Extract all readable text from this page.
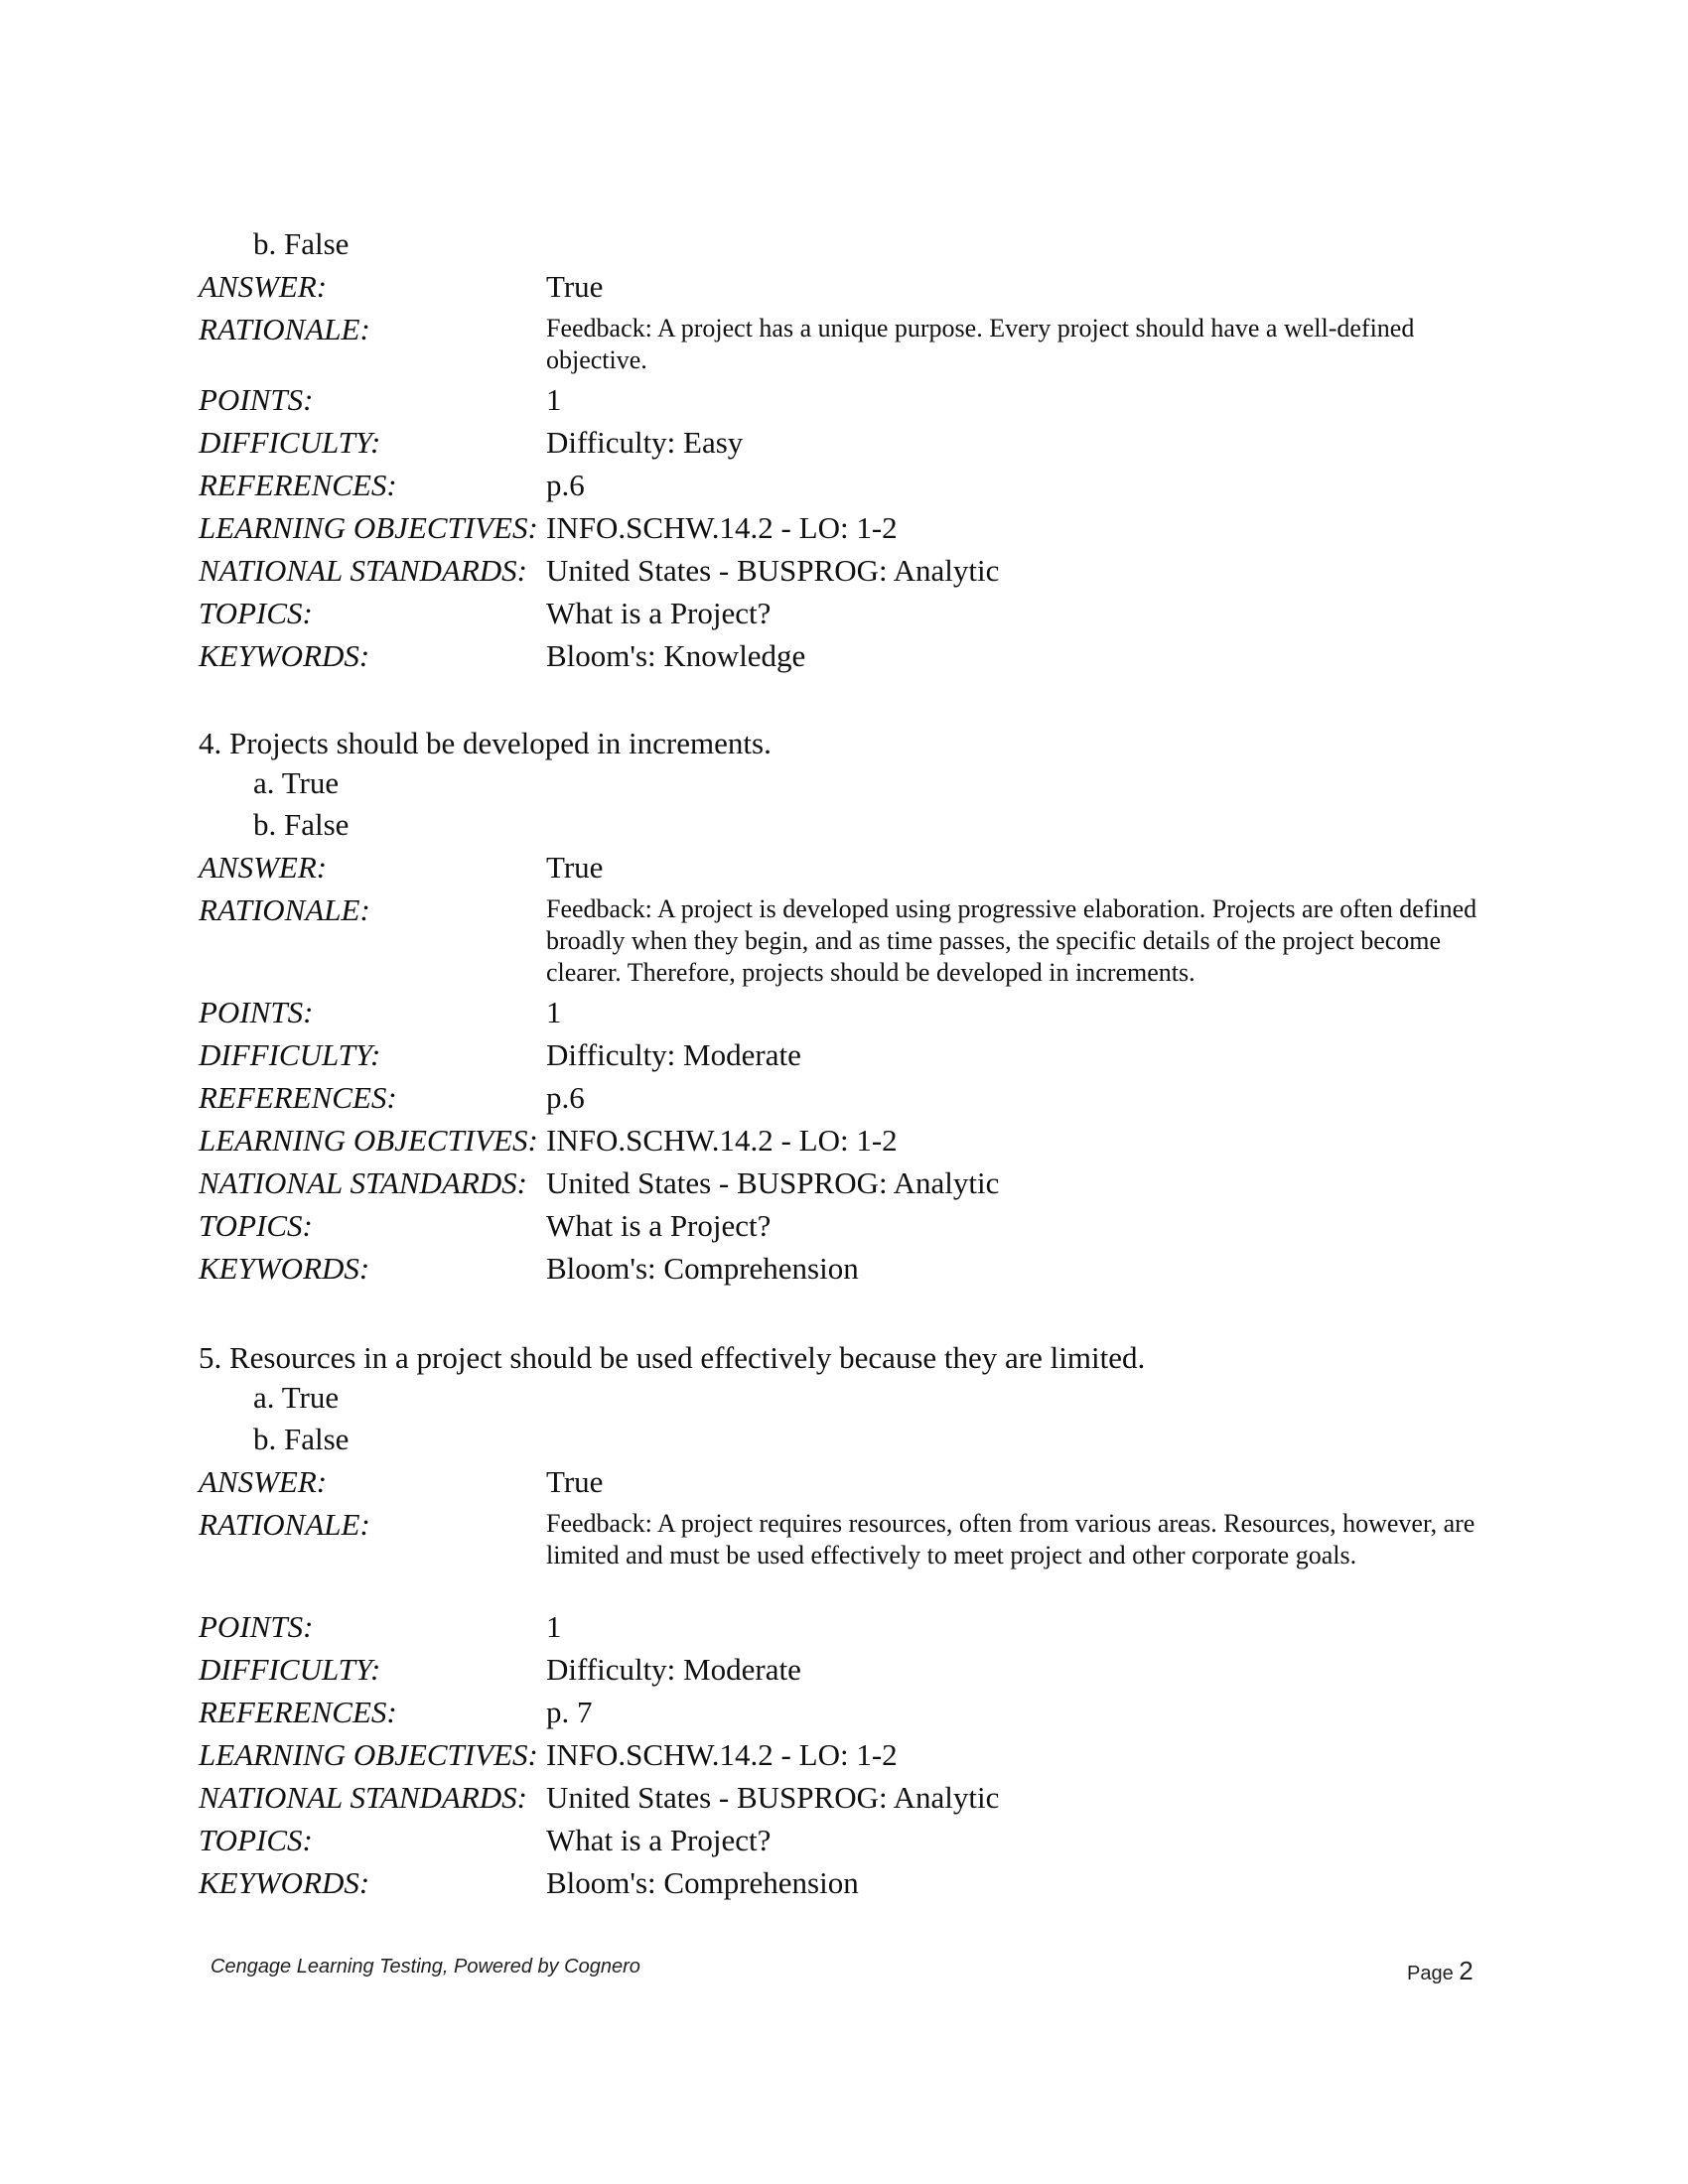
b. False
ANSWER:	True
RATIONALE:	Feedback: A project has a unique purpose. Every project should have a well-defined objective.
POINTS:	1
DIFFICULTY:	Difficulty: Easy
REFERENCES:	p.6
LEARNING OBJECTIVES: INFO.SCHW.14.2 - LO: 1-2
NATIONAL STANDARDS: United States - BUSPROG: Analytic
TOPICS:	What is a Project?
KEYWORDS:	Bloom's: Knowledge
4. Projects should be developed in increments.
a. True
b. False
ANSWER:	True
RATIONALE:	Feedback: A project is developed using progressive elaboration. Projects are often defined broadly when they begin, and as time passes, the specific details of the project become clearer. Therefore, projects should be developed in increments.
POINTS:	1
DIFFICULTY:	Difficulty: Moderate
REFERENCES:	p.6
LEARNING OBJECTIVES: INFO.SCHW.14.2 - LO: 1-2
NATIONAL STANDARDS: United States - BUSPROG: Analytic
TOPICS:	What is a Project?
KEYWORDS:	Bloom's: Comprehension
5. Resources in a project should be used effectively because they are limited.
a. True
b. False
ANSWER:	True
RATIONALE:	Feedback: A project requires resources, often from various areas. Resources, however, are limited and must be used effectively to meet project and other corporate goals.
POINTS:	1
DIFFICULTY:	Difficulty: Moderate
REFERENCES:	p. 7
LEARNING OBJECTIVES: INFO.SCHW.14.2 - LO: 1-2
NATIONAL STANDARDS: United States - BUSPROG: Analytic
TOPICS:	What is a Project?
KEYWORDS:	Bloom's: Comprehension
Cengage Learning Testing, Powered by Cognero	Page 2
